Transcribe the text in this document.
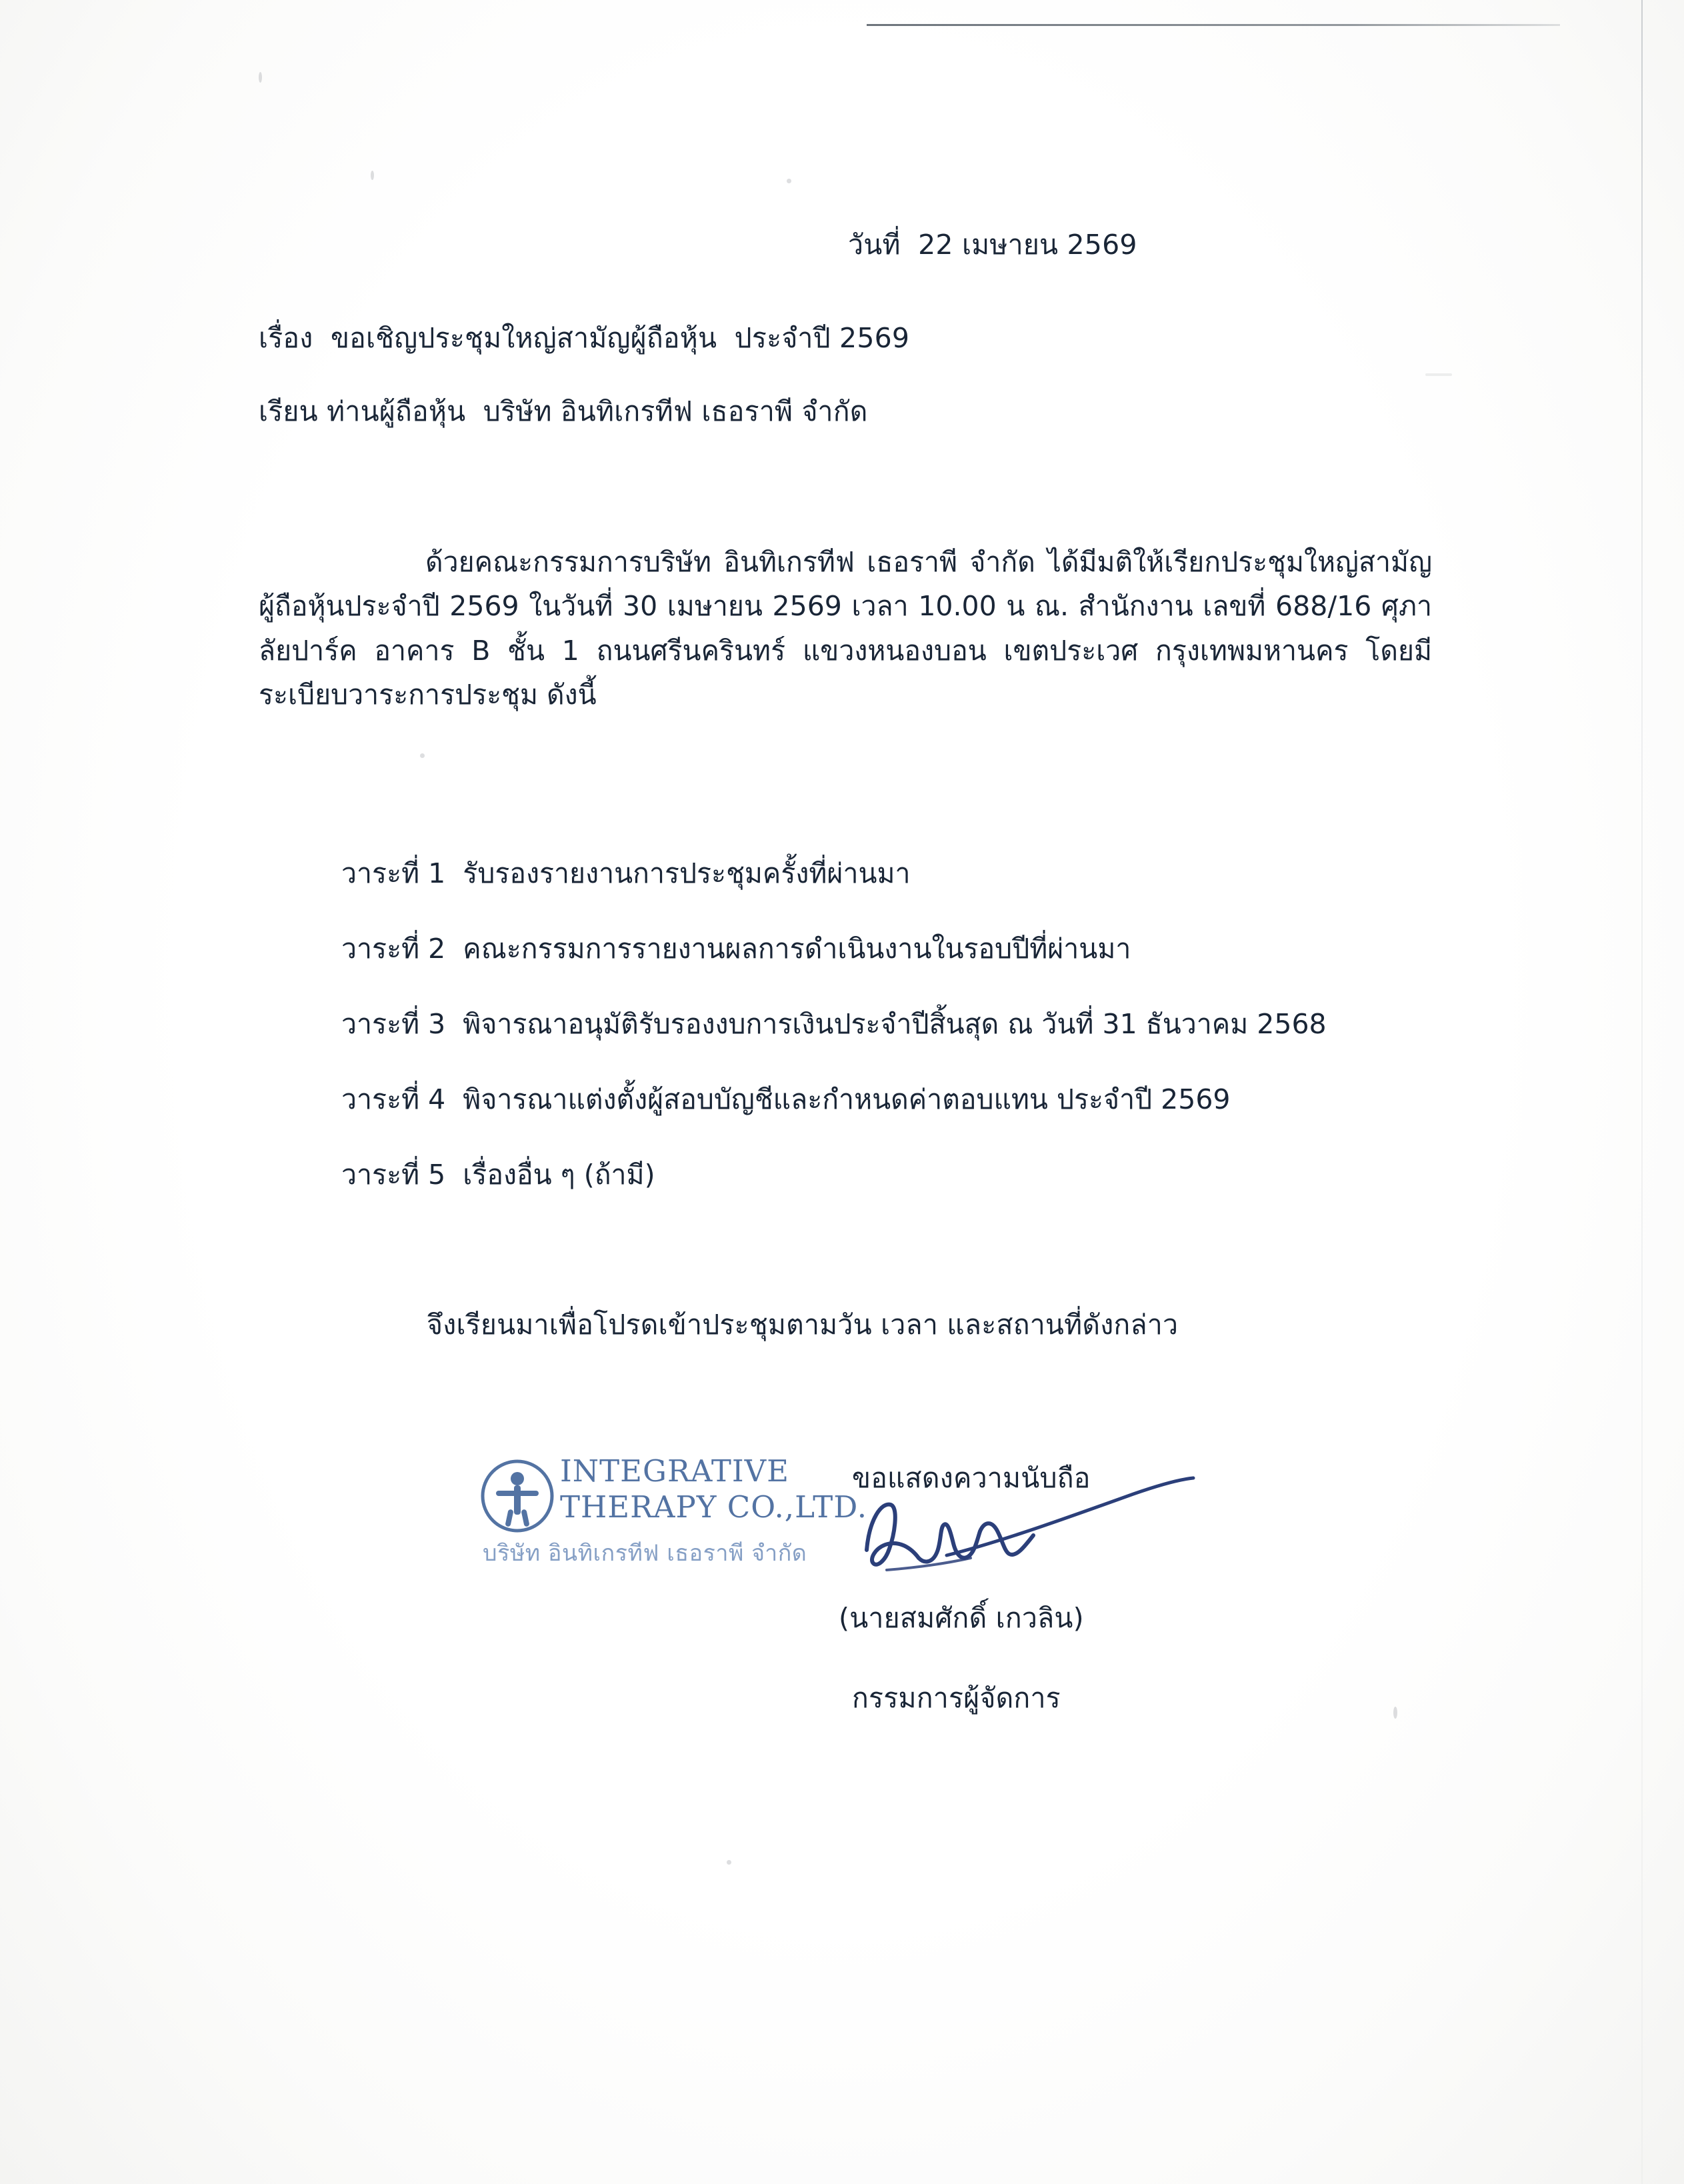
วันที่  22 เมษายน 2569
เรื่อง  ขอเชิญประชุมใหญ่สามัญผู้ถือหุ้น  ประจำปี 2569
เรียน ท่านผู้ถือหุ้น  บริษัท อินทิเกรทีฟ เธอราพี จำกัด
ด้วยคณะกรรมการบริษัท อินทิเกรทีฟ เธอราพี จำกัด ได้มีมติให้เรียกประชุมใหญ่สามัญผู้ถือหุ้นประจำปี 2569 ในวันที่ 30 เมษายน 2569 เวลา 10.00 น ณ. สำนักงาน เลขที่ 688/16 ศุภาลัยปาร์ค อาคาร B ชั้น 1 ถนนศรีนครินทร์ แขวงหนองบอน เขตประเวศ กรุงเทพมหานคร โดยมีระเบียบวาระการประชุม ดังนี้
วาระที่ 1  รับรองรายงานการประชุมครั้งที่ผ่านมา
วาระที่ 2  คณะกรรมการรายงานผลการดำเนินงานในรอบปีที่ผ่านมา
วาระที่ 3  พิจารณาอนุมัติรับรองงบการเงินประจำปีสิ้นสุด ณ วันที่ 31 ธันวาคม 2568
วาระที่ 4  พิจารณาแต่งตั้งผู้สอบบัญชีและกำหนดค่าตอบแทน ประจำปี 2569
วาระที่ 5  เรื่องอื่น ๆ (ถ้ามี)
จึงเรียนมาเพื่อโปรดเข้าประชุมตามวัน เวลา และสถานที่ดังกล่าว
ขอแสดงความนับถือ
INTEGRATIVE
THERAPY CO.,LTD.
บริษัท อินทิเกรทีฟ เธอราพี จำกัด
(นายสมศักดิ์ เกวลิน)
กรรมการผู้จัดการ
